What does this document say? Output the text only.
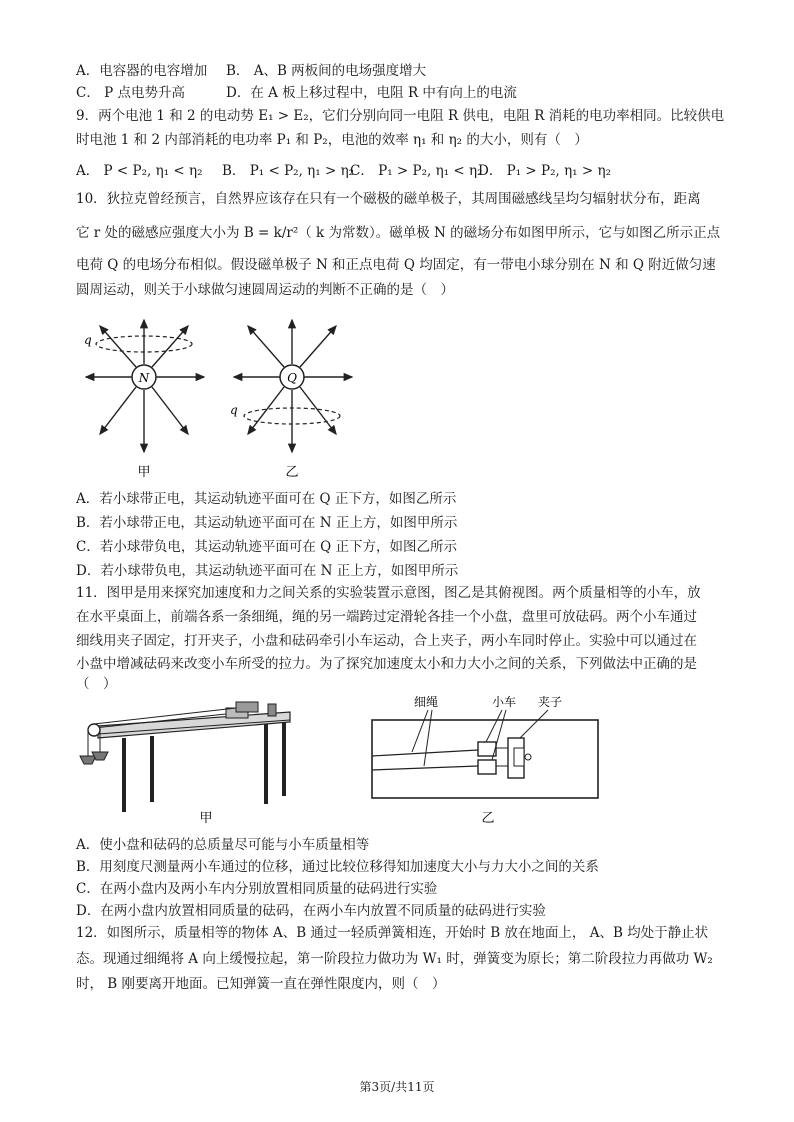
A．电容器的电容增加 B． A、B 两板间的电场强度增大
C． P 点电势升高	D．在 A 板上移过程中，电阻 R 中有向上的电流
9．两个电池 1 和 2 的电动势 E₁ > E₂，它们分别向同一电阻 R 供电，电阻 R 消耗的电功率相同。比较供电
时电池 1 和 2 内部消耗的电功率 P₁ 和 P₂，电池的效率 η₁ 和 η₂ 的大小，则有（　）
A． P < P₂, η₁ < η₂ B． P₁ < P₂, η₁ > η₂
C． P₁ > P₂, η₁ < η₂
D． P₁ > P₂, η₁ > η₂
10．狄拉克曾经预言，自然界应该存在只有一个磁极的磁单极子，其周围磁感线呈均匀辐射状分布，距离
它 r 处的磁感应强度大小为 B = k/r²（ k 为常数）。磁单极 N 的磁场分布如图甲所示，它与如图乙所示正点
电荷 Q 的电场分布相似。假设磁单极子 N 和正点电荷 Q 均固定，有一带电小球分别在 N 和 Q 附近做匀速
圆周运动，则关于小球做匀速圆周运动的判断不正确的是（　）
N
q
甲
Q
q
乙
A．若小球带正电，其运动轨迹平面可在 Q 正下方，如图乙所示
B．若小球带正电，其运动轨迹平面可在 N 正上方，如图甲所示
C．若小球带负电，其运动轨迹平面可在 Q 正下方，如图乙所示
D．若小球带负电，其运动轨迹平面可在 N 正上方，如图甲所示
11．图甲是用来探究加速度和力之间关系的实验装置示意图，图乙是其俯视图。两个质量相等的小车，放
在水平桌面上，前端各系一条细绳，绳的另一端跨过定滑轮各挂一个小盘，盘里可放砝码。两个小车通过
细线用夹子固定，打开夹子，小盘和砝码牵引小车运动，合上夹子，两小车同时停止。实验中可以通过在
小盘中增减砝码来改变小车所受的拉力。为了探究加速度太小和力大小之间的关系，下列做法中正确的是
（　）
甲
细绳	小车 夹子
乙
A．使小盘和砝码的总质量尽可能与小车质量相等
B．用刻度尺测量两小车通过的位移，通过比较位移得知加速度大小与力大小之间的关系
C．在两小盘内及两小车内分别放置相同质量的砝码进行实验
D．在两小盘内放置相同质量的砝码，在两小车内放置不同质量的砝码进行实验
12．如图所示，质量相等的物体 A、B 通过一轻质弹簧相连，开始时 B 放在地面上， A、B 均处于静止状
态。现通过细绳将 A 向上缓慢拉起，第一阶段拉力做功为 W₁ 时，弹簧变为原长；第二阶段拉力再做功 W₂
时， B 刚要离开地面。已知弹簧一直在弹性限度内，则（　）
第3页/共11页
